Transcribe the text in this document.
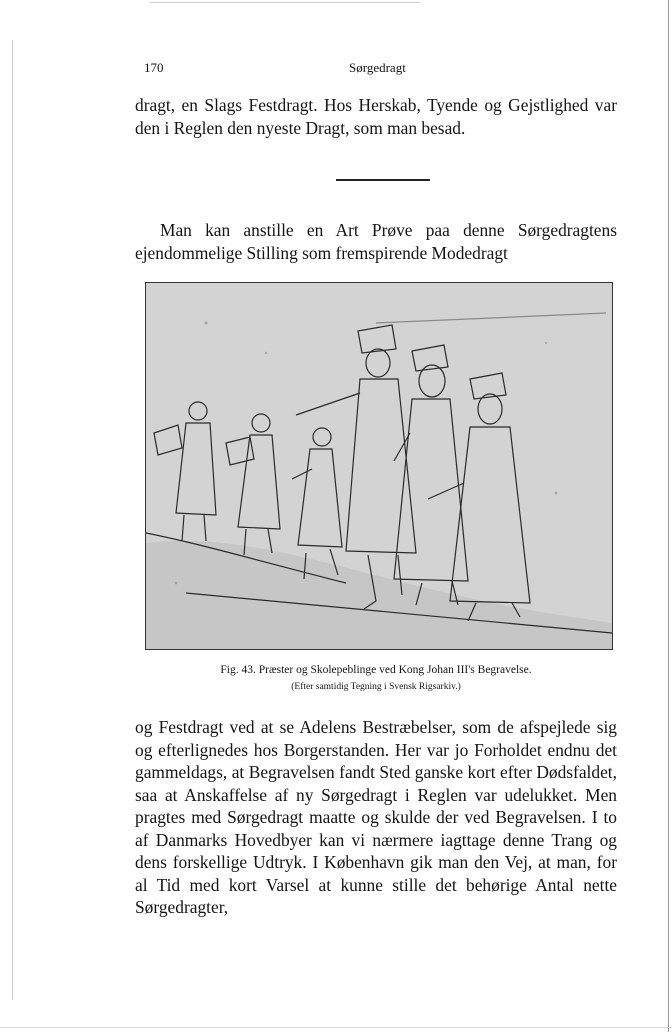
170	Sørgedragt

dragt, en Slags Festdragt. Hos Herskab, Tyende og Gejstlighed var den i Reglen den nyeste Dragt, som man besad.

Man kan anstille en Art Prøve paa denne Sørgedragtens ejendommelige Stilling som fremspirende Modedragt

Fig. 43. Præster og Skolepeblinge ved Kong Johan III's Begravelse.

(Efter samtidig Tegning i Svensk Rigsarkiv.)

og Festdragt ved at se Adelens Bestræbelser, som de afspejlede sig og efterlignedes hos Borgerstanden. Her var jo Forholdet endnu det gammeldags, at Begravelsen fandt Sted ganske kort efter Dødsfaldet, saa at Anskaffelse af ny Sørgedragt i Reglen var udelukket. Men pragtes med Sørgedragt maatte og skulde der ved Begravelsen. I to af Danmarks Hovedbyer kan vi nærmere iagttage denne Trang og dens forskellige Udtryk. I København gik man den Vej, at man, for al Tid med kort Varsel at kunne stille det behørige Antal nette Sørgedragter,
